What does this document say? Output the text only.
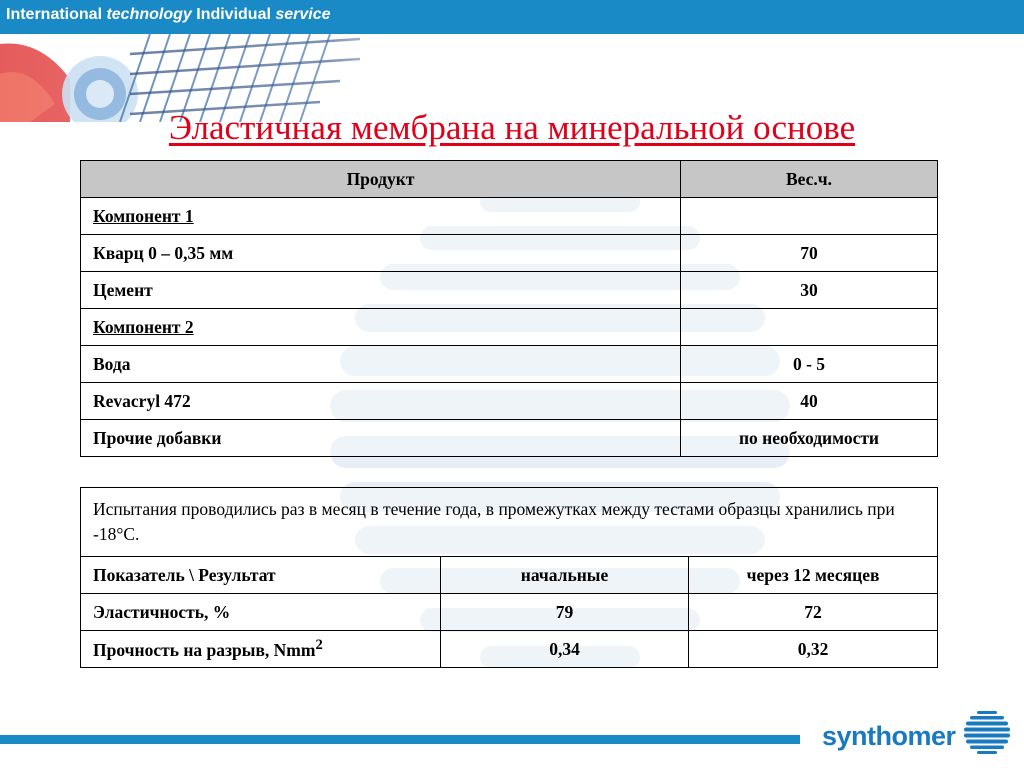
International technology Individual service
Эластичная мембрана на минеральной основе
Продукт	Вес.ч.
Компонент 1	
Кварц 0 – 0,35 мм	70
Цемент	30
Компонент 2	
Вода	0 - 5
Revacryl 472	40
Прочие добавки	по необходимости
Испытания проводились раз в месяц в течение года, в промежутках между тестами образцы хранились при -18°С.		
Показатель \ Результат	начальные	через 12 месяцев
Эластичность, %	79	72
Прочность на разрыв, Nmm$^2$	0,34	0,32
synthomer
